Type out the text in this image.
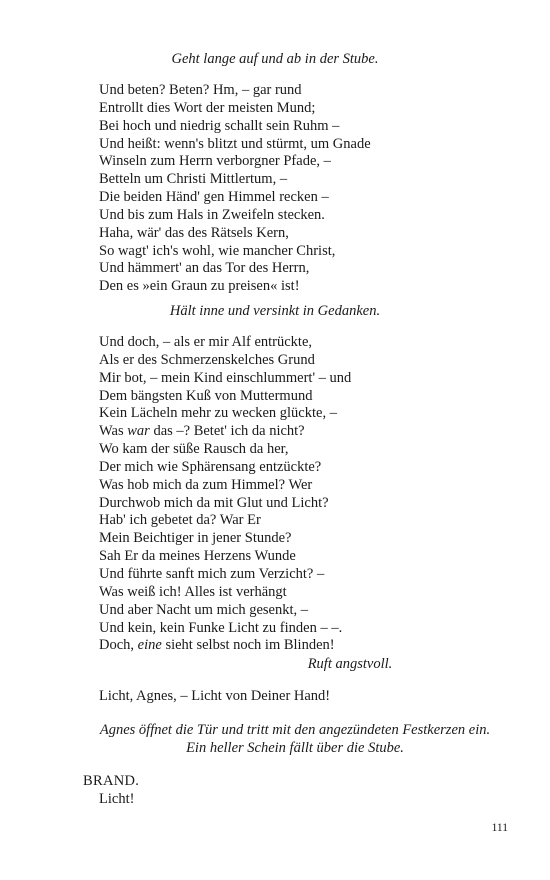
Geht lange auf und ab in der Stube.

Und beten? Beten? Hm, – gar rund
Entrollt dies Wort der meisten Mund;
Bei hoch und niedrig schallt sein Ruhm –
Und heißt: wenn's blitzt und stürmt, um Gnade
Winseln zum Herrn verborgner Pfade, –
Betteln um Christi Mittlertum, –
Die beiden Händ' gen Himmel recken –
Und bis zum Hals in Zweifeln stecken.
Haha, wär' das des Rätsels Kern,
So wagt' ich's wohl, wie mancher Christ,
Und hämmert' an das Tor des Herrn,
Den es »ein Graun zu preisen« ist!

Hält inne und versinkt in Gedanken.

Und doch, – als er mir Alf entrückte,
Als er des Schmerzenskelches Grund
Mir bot, – mein Kind einschlummert' – und
Dem bängsten Kuß von Muttermund
Kein Lächeln mehr zu wecken glückte, –
Was war das –? Betet' ich da nicht?
Wo kam der süße Rausch da her,
Der mich wie Sphärensang entzückte?
Was hob mich da zum Himmel? Wer
Durchwob mich da mit Glut und Licht?
Hab' ich gebetet da? War Er
Mein Beichtiger in jener Stunde?
Sah Er da meines Herzens Wunde
Und führte sanft mich zum Verzicht? –
Was weiß ich! Alles ist verhängt
Und aber Nacht um mich gesenkt, –
Und kein, kein Funke Licht zu finden – –.
Doch, eine sieht selbst noch im Blinden!

Ruft angstvoll.

Licht, Agnes, – Licht von Deiner Hand!

Agnes öffnet die Tür und tritt mit den angezündeten Festkerzen ein.
Ein heller Schein fällt über die Stube.

BRAND.

Licht!

111
